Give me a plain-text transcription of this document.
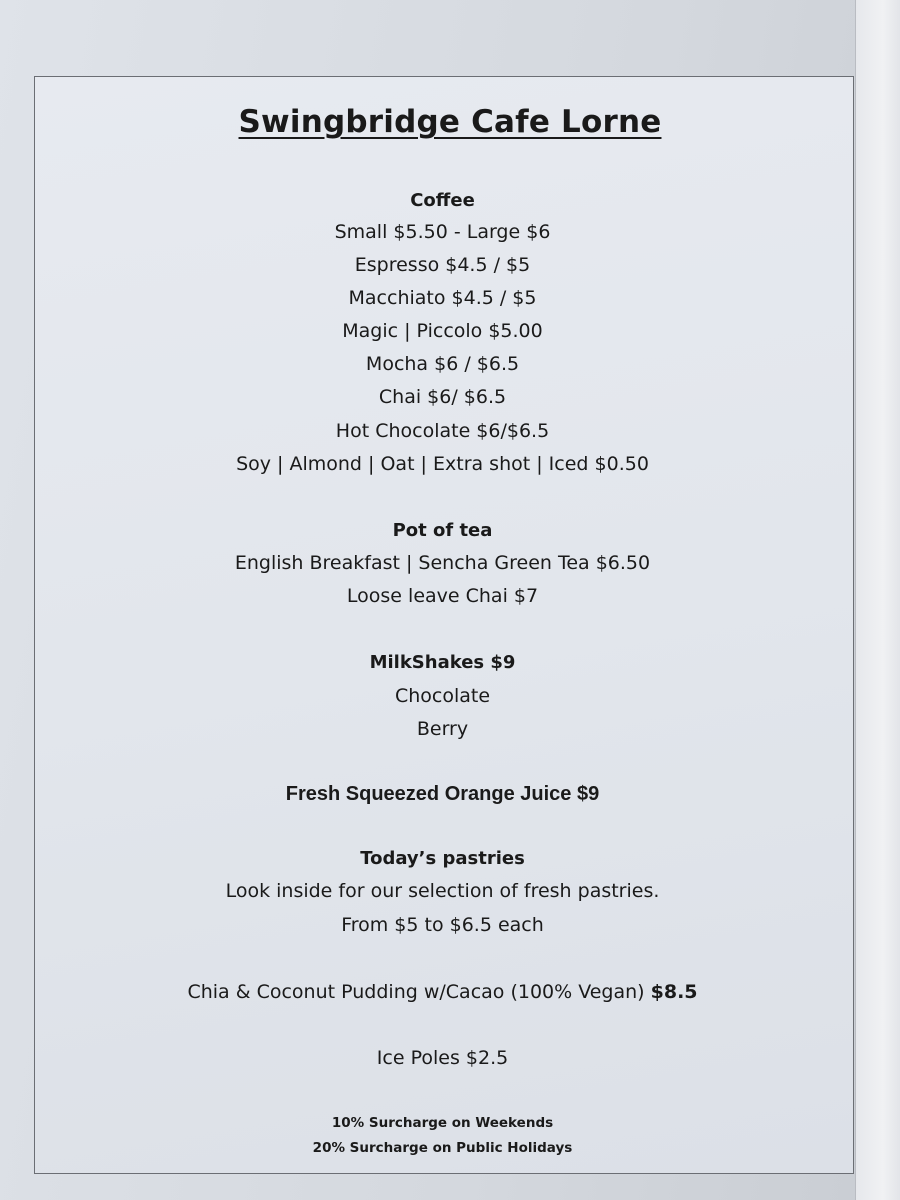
Swingbridge Cafe Lorne
Coffee
Small $5.50 - Large $6
Espresso $4.5 / $5
Macchiato $4.5 / $5
Magic | Piccolo $5.00
Mocha $6 / $6.5
Chai $6/ $6.5
Hot Chocolate $6/$6.5
Soy | Almond | Oat | Extra shot | Iced $0.50
Pot of tea
English Breakfast | Sencha Green Tea $6.50
Loose leave Chai $7
MilkShakes $9
Chocolate
Berry
Fresh Squeezed Orange Juice $9
Today’s pastries
Look inside for our selection of fresh pastries.
From $5 to $6.5 each
Chia & Coconut Pudding w/Cacao (100% Vegan) $8.5
Ice Poles $2.5
10% Surcharge on Weekends
20% Surcharge on Public Holidays
